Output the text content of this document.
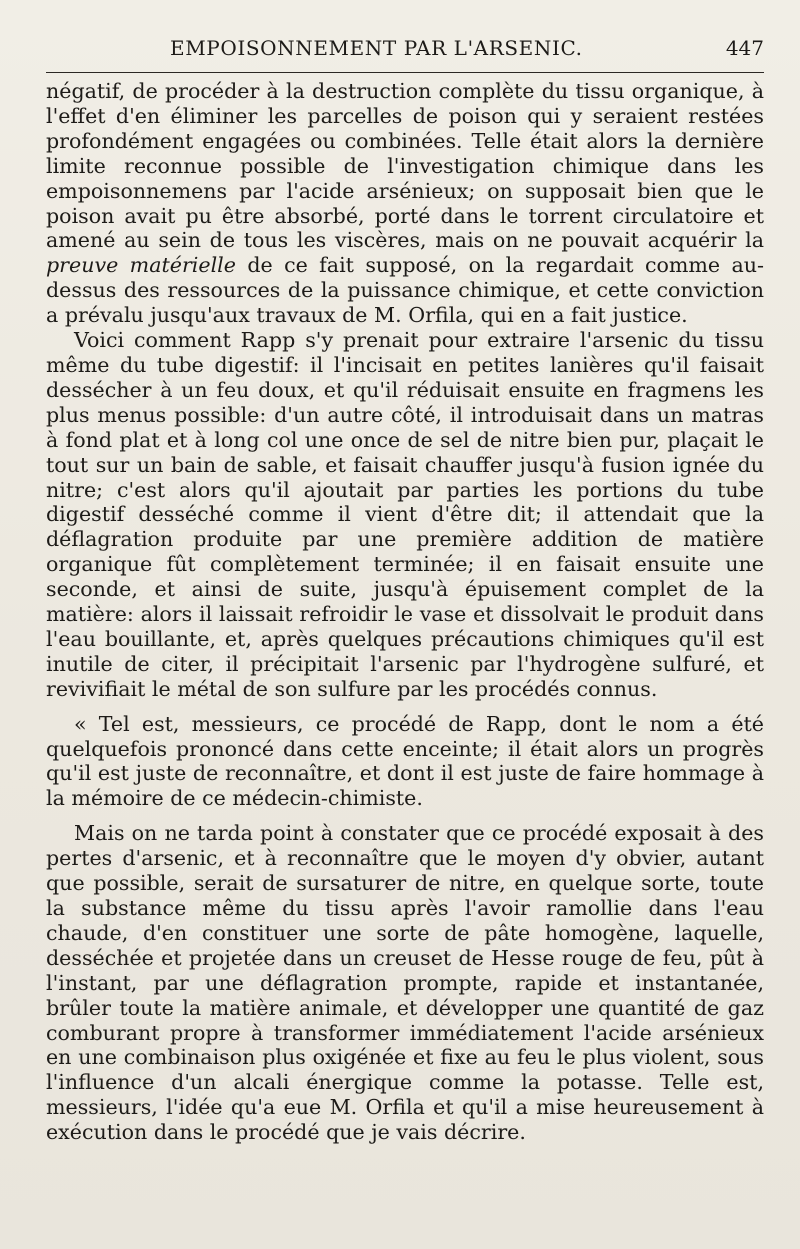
EMPOISONNEMENT PAR L'ARSENIC.	447

négatif, de procéder à la destruction complète du tissu organique, à l'effet d'en éliminer les parcelles de poison qui y seraient restées profondément engagées ou combinées. Telle était alors la dernière limite reconnue possible de l'investigation chimique dans les empoisonnemens par l'acide arsénieux; on supposait bien que le poison avait pu être absorbé, porté dans le torrent circulatoire et amené au sein de tous les viscères, mais on ne pouvait acquérir la preuve matérielle de ce fait supposé, on la regardait comme au-dessus des ressources de la puissance chimique, et cette conviction a prévalu jusqu'aux travaux de M. Orfila, qui en a fait justice.

Voici comment Rapp s'y prenait pour extraire l'arsenic du tissu même du tube digestif: il l'incisait en petites lanières qu'il faisait dessécher à un feu doux, et qu'il réduisait ensuite en fragmens les plus menus possible: d'un autre côté, il introduisait dans un matras à fond plat et à long col une once de sel de nitre bien pur, plaçait le tout sur un bain de sable, et faisait chauffer jusqu'à fusion ignée du nitre; c'est alors qu'il ajoutait par parties les portions du tube digestif desséché comme il vient d'être dit; il attendait que la déflagration produite par une première addition de matière organique fût complètement terminée; il en faisait ensuite une seconde, et ainsi de suite, jusqu'à épuisement complet de la matière: alors il laissait refroidir le vase et dissolvait le produit dans l'eau bouillante, et, après quelques précautions chimiques qu'il est inutile de citer, il précipitait l'arsenic par l'hydrogène sulfuré, et revivifiait le métal de son sulfure par les procédés connus.

« Tel est, messieurs, ce procédé de Rapp, dont le nom a été quelquefois prononcé dans cette enceinte; il était alors un progrès qu'il est juste de reconnaître, et dont il est juste de faire hommage à la mémoire de ce médecin-chimiste.

Mais on ne tarda point à constater que ce procédé exposait à des pertes d'arsenic, et à reconnaître que le moyen d'y obvier, autant que possible, serait de sursaturer de nitre, en quelque sorte, toute la substance même du tissu après l'avoir ramollie dans l'eau chaude, d'en constituer une sorte de pâte homogène, laquelle, desséchée et projetée dans un creuset de Hesse rouge de feu, pût à l'instant, par une déflagration prompte, rapide et instantanée, brûler toute la matière animale, et développer une quantité de gaz comburant propre à transformer immédiatement l'acide arsénieux en une combinaison plus oxigénée et fixe au feu le plus violent, sous l'influence d'un alcali énergique comme la potasse. Telle est, messieurs, l'idée qu'a eue M. Orfila et qu'il a mise heureusement à exécution dans le procédé que je vais décrire.
